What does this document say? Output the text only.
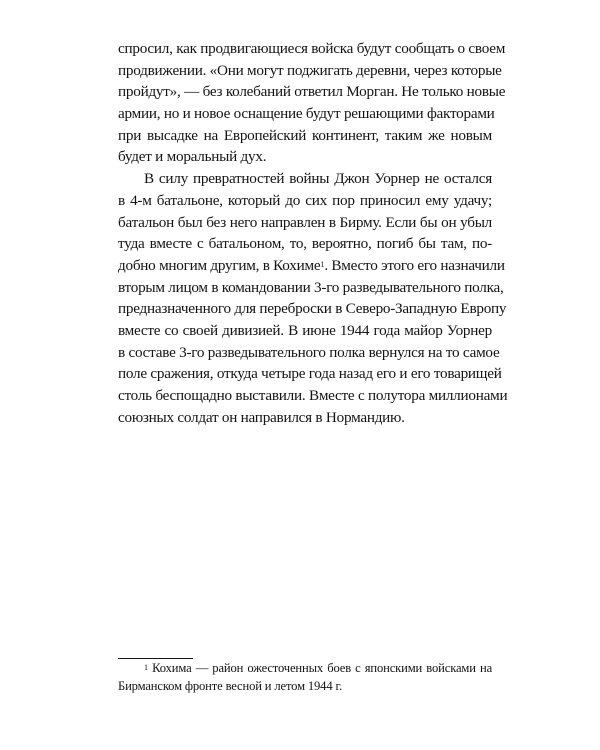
спросил, как продвигающиеся войска будут сообщать о своем
продвижении. «Они могут поджигать деревни, через которые
пройдут», — без колебаний ответил Морган. Не только новые
армии, но и новое оснащение будут решающими факторами
при высадке на Европейский континент, таким же новым
будет и моральный дух.
В силу превратностей войны Джон Уорнер не остался
в 4-м батальоне, который до сих пор приносил ему удачу;
батальон был без него направлен в Бирму. Если бы он убыл
туда вместе с батальоном, то, вероятно, погиб бы там, по-
добно многим другим, в Кохиме$^1$. Вместо этого его назначили
вторым лицом в командовании 3-го разведывательного полка,
предназначенного для переброски в Северо-Западную Европу
вместе со своей дивизией. В июне 1944 года майор Уорнер
в составе 3-го разведывательного полка вернулся на то самое
поле сражения, откуда четыре года назад его и его товарищей
столь беспощадно выставили. Вместе с полутора миллионами
союзных солдат он направился в Нормандию.
$^1$ Кохима — район ожесточенных боев с японскими войсками на
Бирманском фронте весной и летом 1944 г.
